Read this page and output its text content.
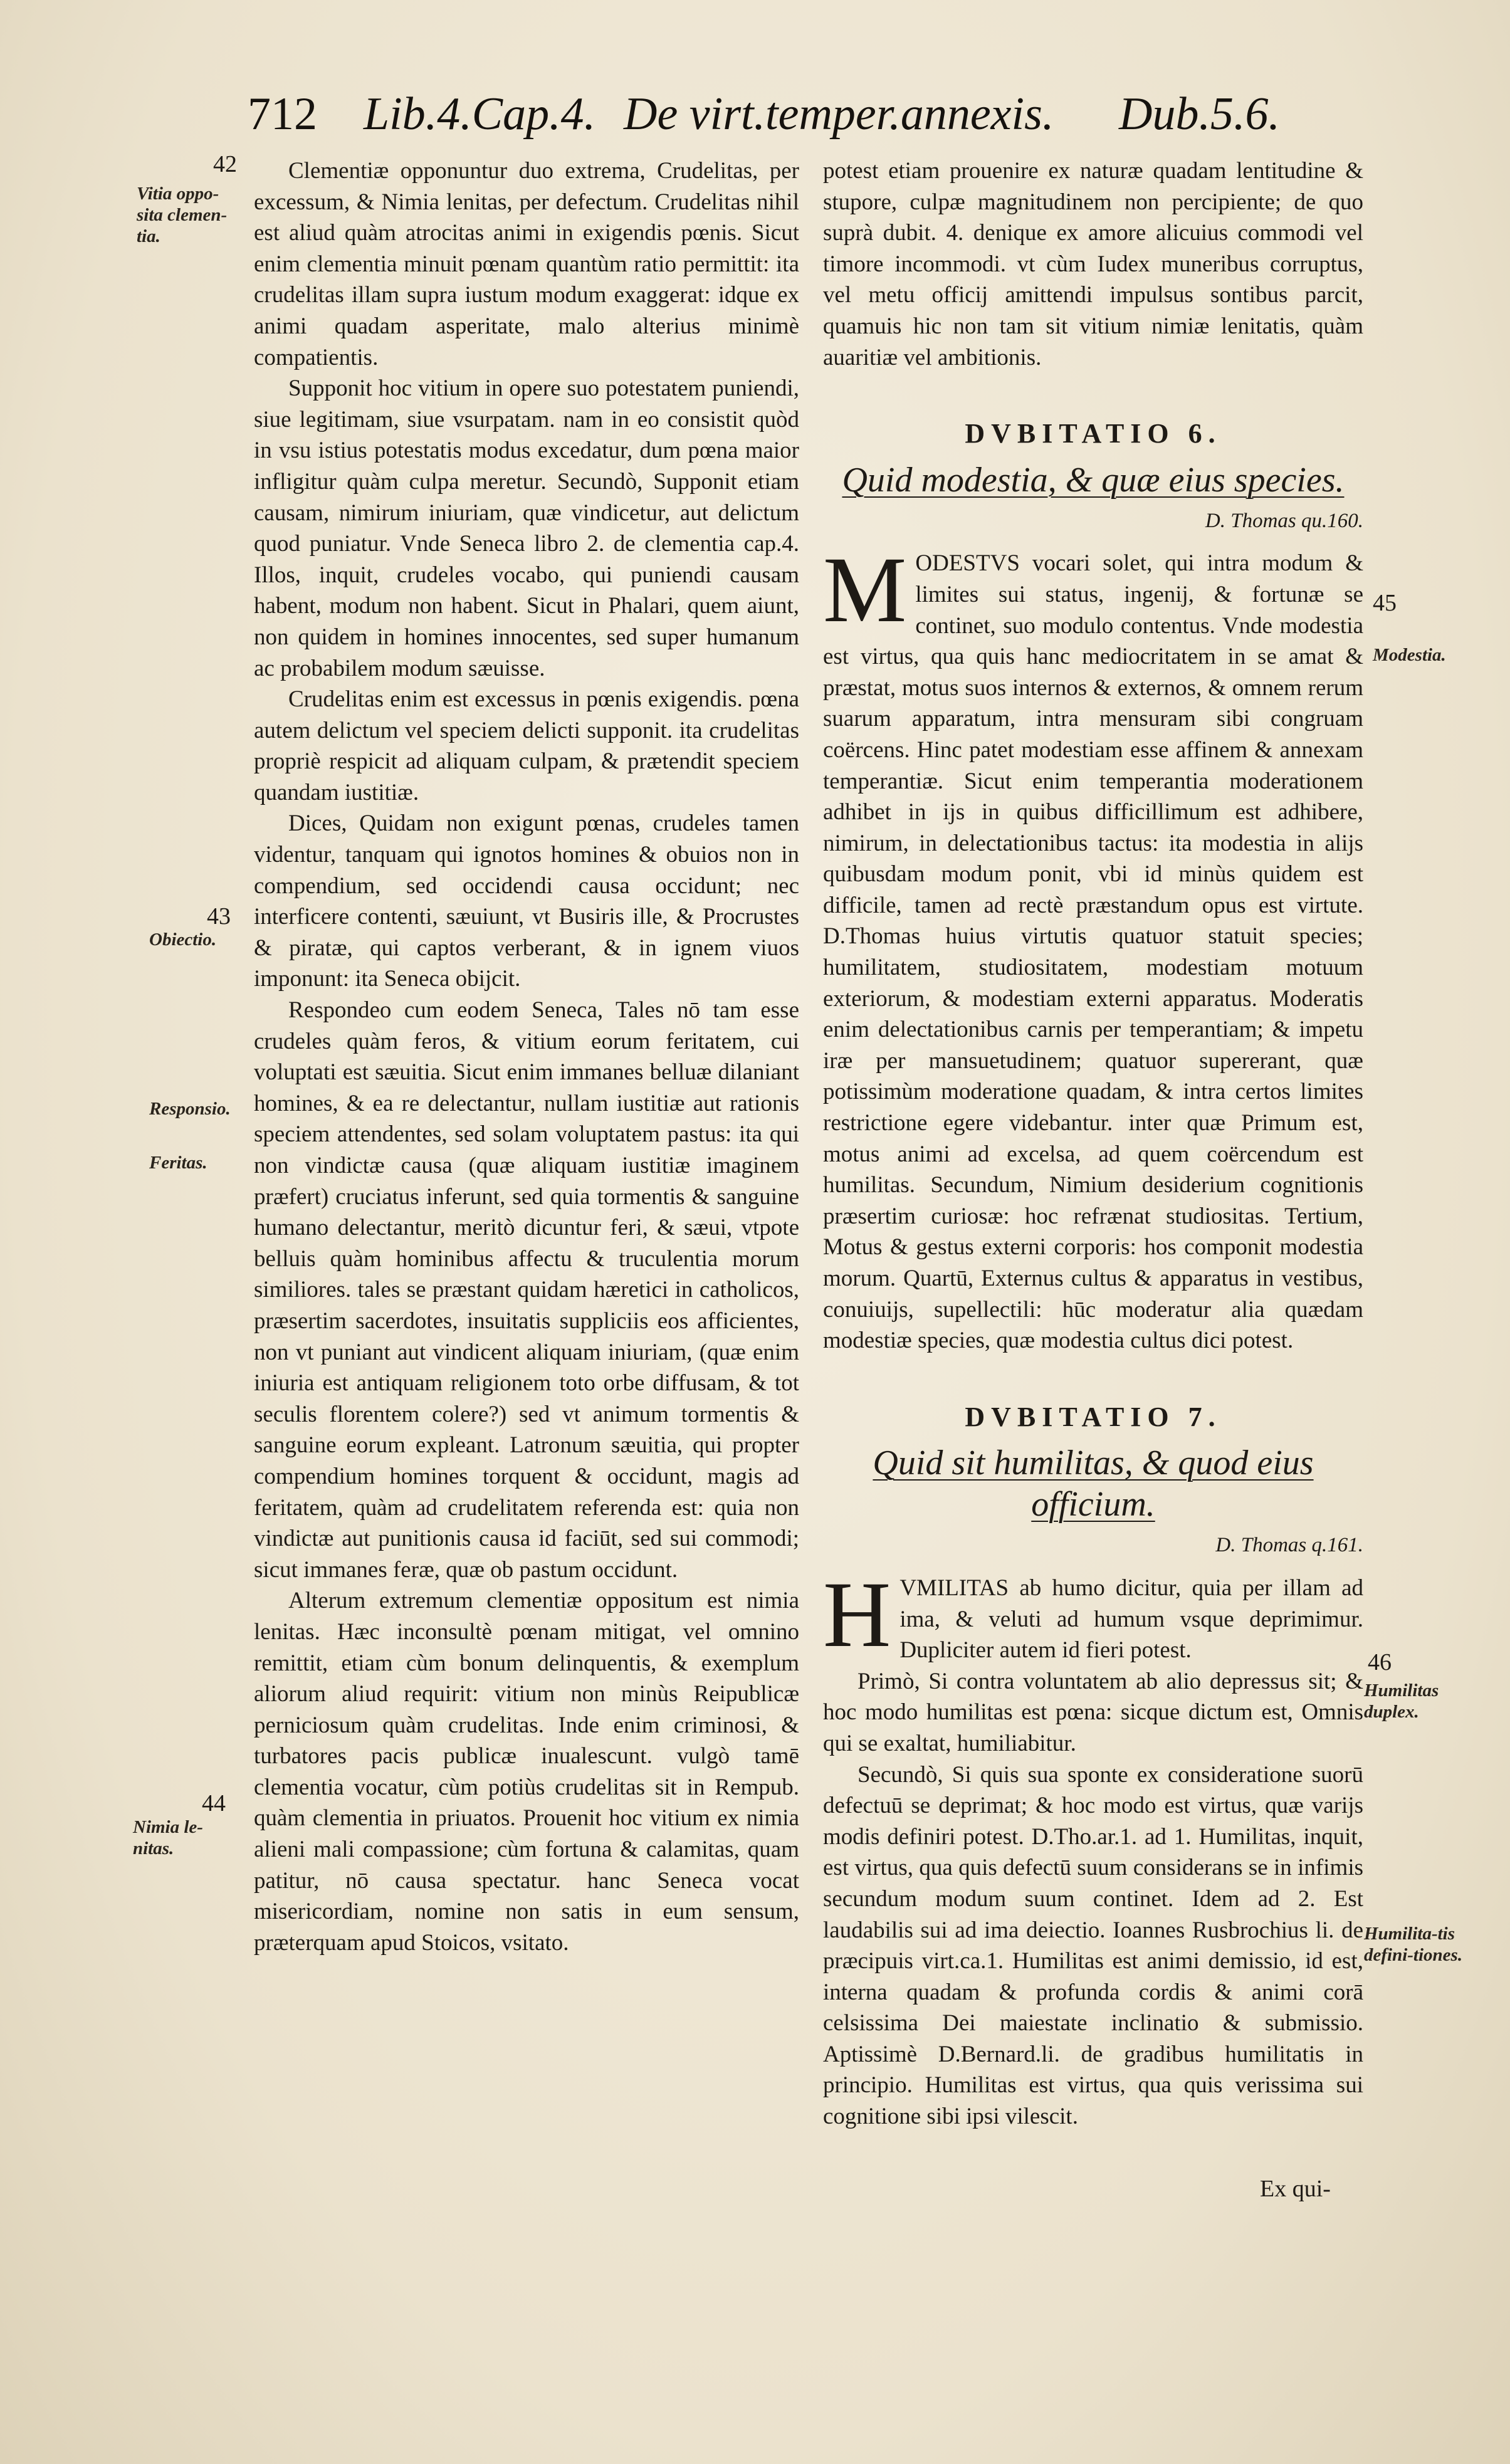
712 Lib.4.Cap.4. De virt.temper.annexis. Dub.5.6.
42
Vitia oppo-sita clemen-tia.
43
Obiectio.
Responsio.
Feritas.
44
Nimia le-nitas.
45
Modestia.
46
Humilitas duplex.
Humilita-tis defini-tiones.

Clementiæ opponuntur duo extrema, Crudelitas, per excessum, & Nimia lenitas, per defectum. Crudelitas nihil est aliud quàm atrocitas animi in exigendis pœnis. Sicut enim clementia minuit pœnam quantùm ratio permittit: ita crudelitas illam supra iustum modum exaggerat: idque ex animi quadam asperitate, malo alterius minimè compatientis.

Supponit hoc vitium in opere suo potestatem puniendi, siue legitimam, siue vsurpatam. nam in eo consistit quòd in vsu istius potestatis modus excedatur, dum pœna maior infligitur quàm culpa meretur. Secundò, Supponit etiam causam, nimirum iniuriam, quæ vindicetur, aut delictum quod puniatur. Vnde Seneca libro 2. de clementia cap.4. Illos, inquit, crudeles vocabo, qui puniendi causam habent, modum non habent. Sicut in Phalari, quem aiunt, non quidem in homines innocentes, sed super humanum ac probabilem modum sæuisse.

Crudelitas enim est excessus in pœnis exigendis. pœna autem delictum vel speciem delicti supponit. ita crudelitas propriè respicit ad aliquam culpam, & prætendit speciem quandam iustitiæ.

Dices, Quidam non exigunt pœnas, crudeles tamen videntur, tanquam qui ignotos homines & obuios non in compendium, sed occidendi causa occidunt; nec interficere contenti, sæuiunt, vt Busiris ille, & Procrustes & piratæ, qui captos verberant, & in ignem viuos imponunt: ita Seneca obijcit.

Respondeo cum eodem Seneca, Tales nō tam esse crudeles quàm feros, & vitium eorum feritatem, cui voluptati est sæuitia. Sicut enim immanes belluæ dilaniant homines, & ea re delectantur, nullam iustitiæ aut rationis speciem attendentes, sed solam voluptatem pastus: ita qui non vindictæ causa (quæ aliquam iustitiæ imaginem præfert) cruciatus inferunt, sed quia tormentis & sanguine humano delectantur, meritò dicuntur feri, & sæui, vtpote belluis quàm hominibus affectu & truculentia morum similiores. tales se præstant quidam hæretici in catholicos, præsertim sacerdotes, insuitatis suppliciis eos afficientes, non vt puniant aut vindicent aliquam iniuriam, (quæ enim iniuria est antiquam religionem toto orbe diffusam, & tot seculis florentem colere?) sed vt animum tormentis & sanguine eorum expleant. Latronum sæuitia, qui propter compendium homines torquent & occidunt, magis ad feritatem, quàm ad crudelitatem referenda est: quia non vindictæ aut punitionis causa id faciūt, sed sui commodi; sicut immanes feræ, quæ ob pastum occidunt.

Alterum extremum clementiæ oppositum est nimia lenitas. Hæc inconsultè pœnam mitigat, vel omnino remittit, etiam cùm bonum delinquentis, & exemplum aliorum aliud requirit: vitium non minùs Reipublicæ perniciosum quàm crudelitas. Inde enim criminosi, & turbatores pacis publicæ inualescunt. vulgò tamē clementia vocatur, cùm potiùs crudelitas sit in Rempub. quàm clementia in priuatos. Prouenit hoc vitium ex nimia alieni mali compassione; cùm fortuna & calamitas, quam patitur, nō causa spectatur. hanc Seneca vocat misericordiam, nomine non satis in eum sensum, præterquam apud Stoicos, vsitato.

potest etiam prouenire ex naturæ quadam lentitudine & stupore, culpæ magnitudinem non percipiente; de quo suprà dubit. 4. denique ex amore alicuius commodi vel timore incommodi. vt cùm Iudex muneribus corruptus, vel metu officij amittendi impulsus sontibus parcit, quamuis hic non tam sit vitium nimiæ lenitatis, quàm auaritiæ vel ambitionis.

DVBITATIO 6.
Quid modestia, & quæ eius species.

D. Thomas qu.160.

MODESTVS vocari solet, qui intra modum & limites sui status, ingenij, & fortunæ se continet, suo modulo contentus. Vnde modestia est virtus, qua quis hanc mediocritatem in se amat & præstat, motus suos internos & externos, & omnem rerum suarum apparatum, intra mensuram sibi congruam coërcens. Hinc patet modestiam esse affinem & annexam temperantiæ. Sicut enim temperantia moderationem adhibet in ijs in quibus difficillimum est adhibere, nimirum, in delectationibus tactus: ita modestia in alijs quibusdam modum ponit, vbi id minùs quidem est difficile, tamen ad rectè præstandum opus est virtute. D.Thomas huius virtutis quatuor statuit species; humilitatem, studiositatem, modestiam motuum exteriorum, & modestiam externi apparatus. Moderatis enim delectationibus carnis per temperantiam; & impetu iræ per mansuetudinem; quatuor supererant, quæ potissimùm moderatione quadam, & intra certos limites restrictione egere videbantur. inter quæ Primum est, motus animi ad excelsa, ad quem coërcendum est humilitas. Secundum, Nimium desiderium cognitionis præsertim curiosæ: hoc refrænat studiositas. Tertium, Motus & gestus externi corporis: hos componit modestia morum. Quartū, Externus cultus & apparatus in vestibus, conuiuijs, supellectili: hūc moderatur alia quædam modestiæ species, quæ modestia cultus dici potest.

DVBITATIO 7.
Quid sit humilitas, & quod eius officium.

D. Thomas q.161.

HVMILITAS ab humo dicitur, quia per illam ad ima, & veluti ad humum vsque deprimimur. Dupliciter autem id fieri potest.

Primò, Si contra voluntatem ab alio depressus sit; & hoc modo humilitas est pœna: sicque dictum est, Omnis qui se exaltat, humiliabitur.

Secundò, Si quis sua sponte ex consideratione suorū defectuū se deprimat; & hoc modo est virtus, quæ varijs modis definiri potest. D.Tho.ar.1. ad 1. Humilitas, inquit, est virtus, qua quis defectū suum considerans se in infimis secundum modum suum continet. Idem ad 2. Est laudabilis sui ad ima deiectio. Ioannes Rusbrochius li. de præcipuis virt.ca.1. Humilitas est animi demissio, id est, interna quadam & profunda cordis & animi corā celsissima Dei maiestate inclinatio & submissio. Aptissimè D.Bernard.li. de gradibus humilitatis in principio. Humilitas est virtus, qua quis verissima sui cognitione sibi ipsi vilescit.

Ex qui-
